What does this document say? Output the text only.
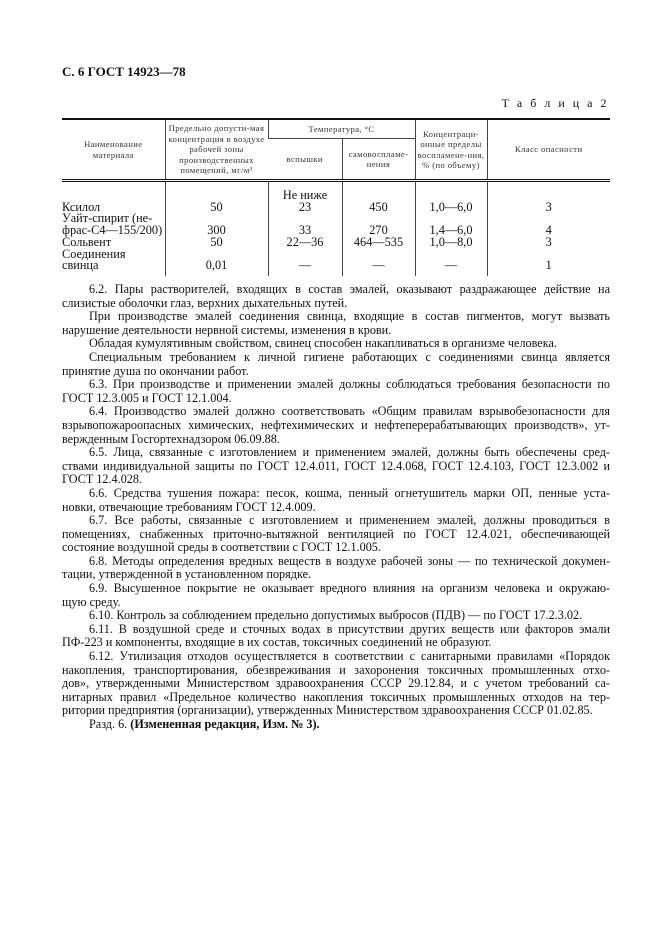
С. 6 ГОСТ 14923—78
Т а б л и ц а 2
Наименование материала	Предельно допусти-мая концентрация в воздухе рабочей зоны производственных помещений, мг/м³	Температура, °С		Концентраци-онные пределы воспламене-ния, % (по объему)	Класс опасности
		вспышки	самовоспламе-нения		
		Не ниже			
Ксилол	50	23	450	1,0—6,0	3
Уайт-спирит (не-					
фрас-С4—155/200)	300	33	270	1,4—6,0	4
Сольвент	50	22—36	464—535	1,0—8,0	3
Соединения					
свинца	0,01	—	—	—	1
6.2. Пары растворителей, входящих в состав эмалей, оказывают раздражающее действие на
слизистые оболочки глаз, верхних дыхательных путей.
При производстве эмалей соединения свинца, входящие в состав пигментов, могут вызвать
нарушение деятельности нервной системы, изменения в крови.
Обладая кумулятивным свойством, свинец способен накапливаться в организме человека.
Специальным требованием к личной гигиене работающих с соединениями свинца является
принятие душа по окончании работ.
6.3. При производстве и применении эмалей должны соблюдаться требования безопасности по
ГОСТ 12.3.005 и ГОСТ 12.1.004.
6.4. Производство эмалей должно соответствовать «Общим правилам взрывобезопасности для
взрывопожароопасных химических, нефтехимических и нефтеперерабатывающих производств», ут-
вержденным Госгортехнадзором 06.09.88.
6.5. Лица, связанные с изготовлением и применением эмалей, должны быть обеспечены сред-
ствами индивидуальной защиты по ГОСТ 12.4.011, ГОСТ 12.4.068, ГОСТ 12.4.103, ГОСТ 12.3.002 и
ГОСТ 12.4.028.
6.6. Средства тушения пожара: песок, кошма, пенный огнетушитель марки ОП, пенные уста-
новки, отвечающие требованиям ГОСТ 12.4.009.
6.7. Все работы, связанные с изготовлением и применением эмалей, должны проводиться в
помещениях, снабженных приточно-вытяжной вентиляцией по ГОСТ 12.4.021, обеспечивающей
состояние воздушной среды в соответствии с ГОСТ 12.1.005.
6.8. Методы определения вредных веществ в воздухе рабочей зоны — по технической докумен-
тации, утвержденной в установленном порядке.
6.9. Высушенное покрытие не оказывает вредного влияния на организм человека и окружаю-
щую среду.
6.10. Контроль за соблюдением предельно допустимых выбросов (ПДВ) — по ГОСТ 17.2.3.02.
6.11. В воздушной среде и сточных водах в присутствии других веществ или факторов эмали
ПФ-223 и компоненты, входящие в их состав, токсичных соединений не образуют.
6.12. Утилизация отходов осуществляется в соответствии с санитарными правилами «Порядок
накопления, транспортирования, обезвреживания и захоронения токсичных промышленных отхо-
дов», утвержденными Министерством здравоохранения СССР 29.12.84, и с учетом требований са-
нитарных правил «Предельное количество накопления токсичных промышленных отходов на тер-
ритории предприятия (организации), утвержденных Министерством здравоохранения СССР 01.02.85.
Разд. 6. (Измененная редакция, Изм. № 3).
